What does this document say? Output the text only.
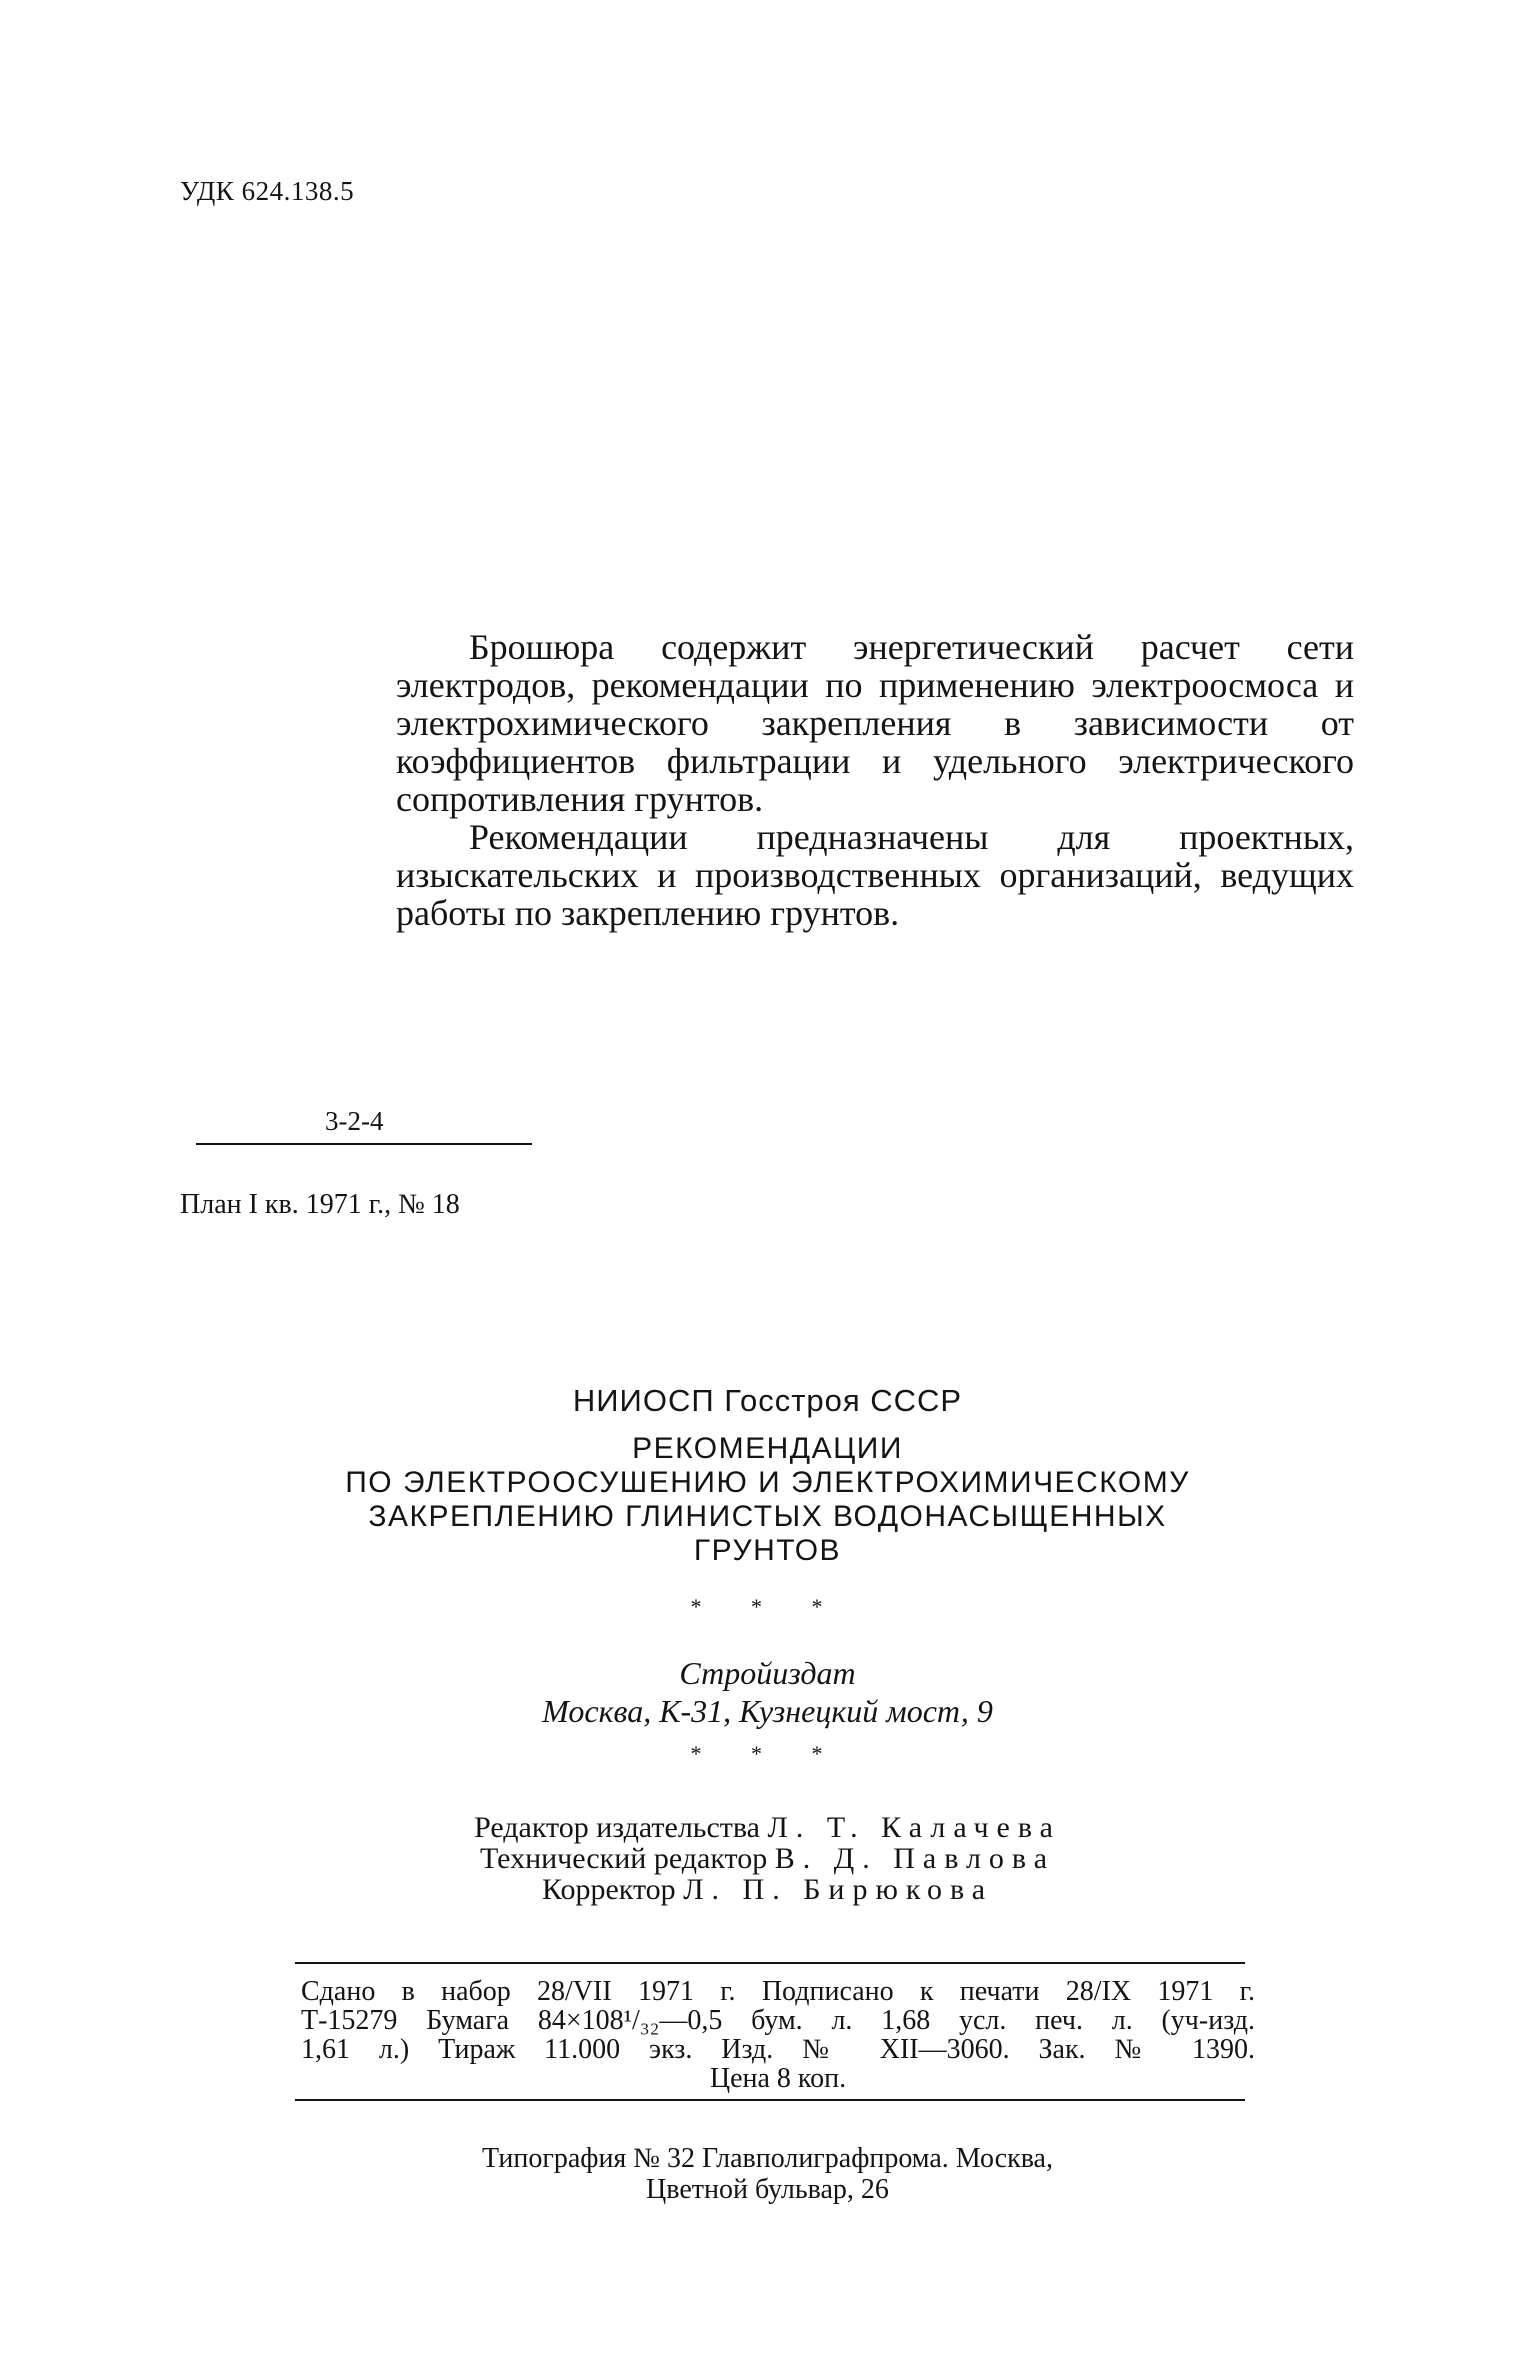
УДК 624.138.5

Брошюра содержит энергетический расчет сети электродов, рекомендации по применению электроосмоса и электрохимического закрепления в зависимости от коэффициентов фильтрации и удельного электрического сопротивления грунтов.

Рекомендации предназначены для проектных, изыскательских и производственных организаций, ведущих работы по закреплению грунтов.

3-2-4
План I кв. 1971 г., № 18
НИИОСП Госстроя СССР
РЕКОМЕНДАЦИИ
ПО ЭЛЕКТРООСУШЕНИЮ И ЭЛЕКТРОХИМИЧЕСКОМУ
ЗАКРЕПЛЕНИЮ ГЛИНИСТЫХ ВОДОНАСЫЩЕННЫХ
ГРУНТОВ
* * *
Стройиздат
Москва, К-31, Кузнецкий мост, 9
* * *
Редактор издательства Л. Т. Калачева
Технический редактор В. Д. Павлова
Корректор Л. П. Бирюкова
Сдано в набор 28/VII 1971 г. Подписано к печати 28/IX 1971 г.
Т-15279 Бумага 84×108¹/₃₂—0,5 бум. л. 1,68 усл. печ. л. (уч-изд.
1,61 л.) Тираж 11.000 экз. Изд. № XII—3060. Зак. № 1390.
Цена 8 коп.
Типография № 32 Главполиграфпрома. Москва,
Цветной бульвар, 26
